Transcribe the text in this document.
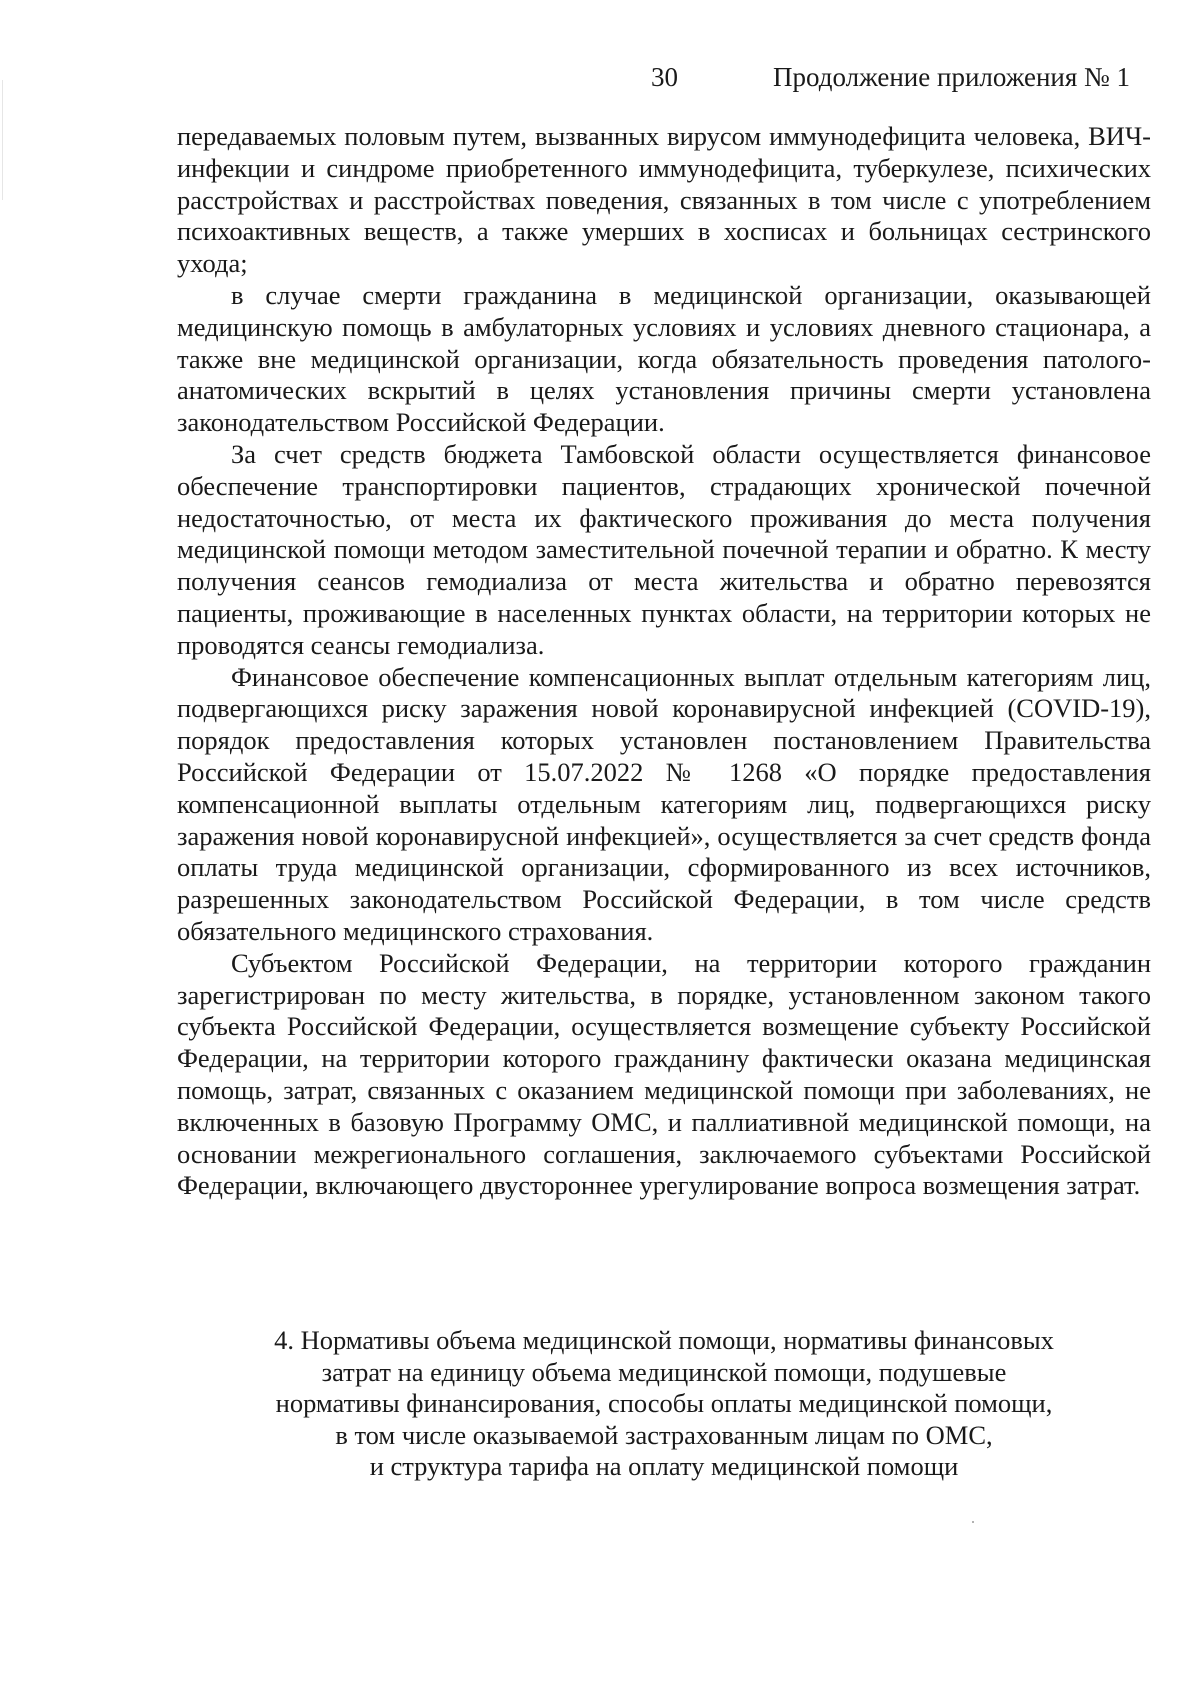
30	Продолжение приложения № 1

передаваемых половым путем, вызванных вирусом иммунодефицита человека, ВИЧ-инфекции и синдроме приобретенного иммунодефицита, туберкулезе, психических расстройствах и расстройствах поведения, связанных в том числе с употреблением психоактивных веществ, а также умерших в хосписах и больницах сестринского ухода;

в случае смерти гражданина в медицинской организации, оказывающей медицинскую помощь в амбулаторных условиях и условиях дневного стационара, а также вне медицинской организации, когда обязательность проведения патолого-анатомических вскрытий в целях установления причины смерти установлена законодательством Российской Федерации.

За счет средств бюджета Тамбовской области осуществляется финансовое обеспечение транспортировки пациентов, страдающих хронической почечной недостаточностью, от места их фактического проживания до места получения медицинской помощи методом заместительной почечной терапии и обратно. К месту получения сеансов гемодиализа от места жительства и обратно перевозятся пациенты, проживающие в населенных пунктах области, на территории которых не проводятся сеансы гемодиализа.

Финансовое обеспечение компенсационных выплат отдельным категориям лиц, подвергающихся риску заражения новой коронавирусной инфекцией (COVID-19), порядок предоставления которых установлен постановлением Правительства Российской Федерации от 15.07.2022 № 1268 «О порядке предоставления компенсационной выплаты отдельным категориям лиц, подвергающихся риску заражения новой коронавирусной инфекцией», осуществляется за счет средств фонда оплаты труда медицинской организации, сформированного из всех источников, разрешенных законодательством Российской Федерации, в том числе средств обязательного медицинского страхования.

Субъектом Российской Федерации, на территории которого гражданин зарегистрирован по месту жительства, в порядке, установленном законом такого субъекта Российской Федерации, осуществляется возмещение субъекту Российской Федерации, на территории которого гражданину фактически оказана медицинская помощь, затрат, связанных с оказанием медицинской помощи при заболеваниях, не включенных в базовую Программу ОМС, и паллиативной медицинской помощи, на основании межрегионального соглашения, заключаемого субъектами Российской Федерации, включающего двустороннее урегулирование вопроса возмещения затрат.

4. Нормативы объема медицинской помощи, нормативы финансовых
затрат на единицу объема медицинской помощи, подушевые
нормативы финансирования, способы оплаты медицинской помощи,
в том числе оказываемой застрахованным лицам по ОМС,
и структура тарифа на оплату медицинской помощи
